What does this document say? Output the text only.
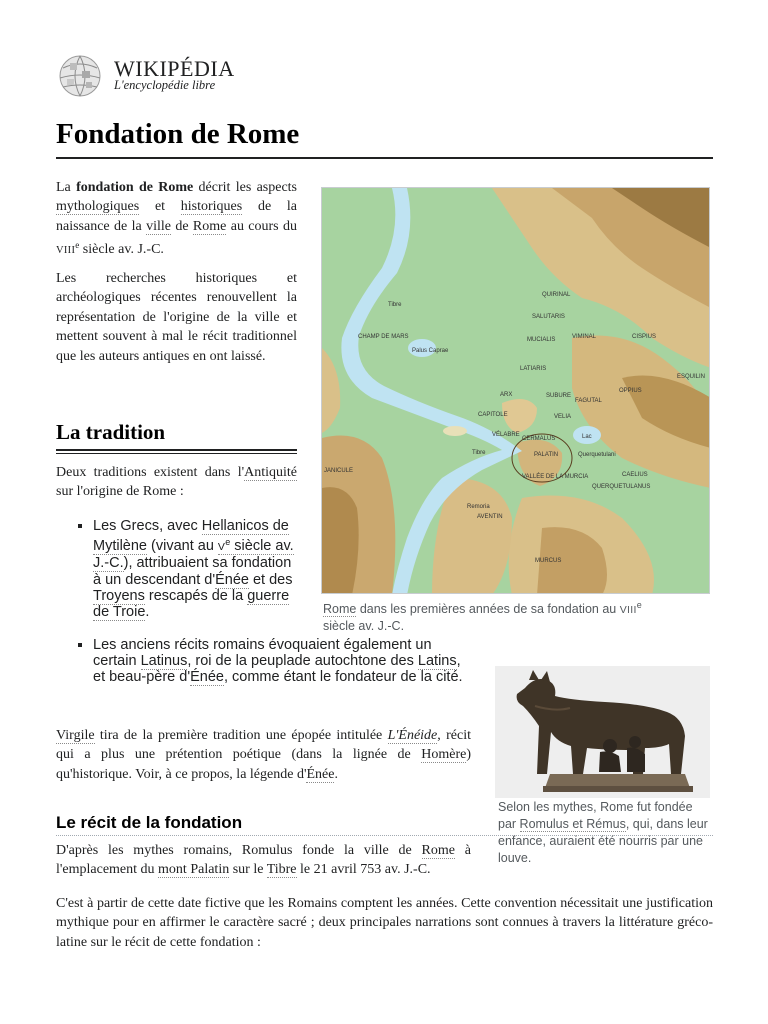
WIKIPÉDIA
L'encyclopédie libre
Fondation de Rome

La fondation de Rome décrit les aspects mythologiques et historiques de la naissance de la ville de Rome au cours du VIIIe siècle av. J.-C.

Les recherches historiques et archéologiques récentes renouvellent la représentation de l'origine de la ville et mettent souvent à mal le récit traditionnel que les auteurs antiques en ont laissé.

La tradition

Deux traditions existent dans l'Antiquité sur l'origine de Rome :

Les Grecs, avec Hellanicos de Mytilène (vivant au Ve siècle av. J.-C.), attribuaient sa fondation à un descendant d'Énée et des Troyens rescapés de la guerre de Troie.
Les anciens récits romains évoquaient également un certain Latinus, roi de la peuplade autochtone des Latins, et beau-père d'Énée, comme étant le fondateur de la cité.

Virgile tira de la première tradition une épopée intitulée L'Énéide, récit qui a plus une prétention poétique (dans la lignée de Homère) qu'historique. Voir, à ce propos, la légende d'Énée.

Le récit de la fondation

D'après les mythes romains, Romulus fonde la ville de Rome à l'emplacement du mont Palatin sur le Tibre le 21 avril 753 av. J.-C.

C'est à partir de cette date fictive que les Romains comptent les années. Cette convention nécessitait une justification mythique pour en affirmer le caractère sacré ; deux principales narrations sont connues à travers la littérature gréco-latine sur le récit de cette fondation :

Tibre
Tibre
CHAMP DE MARS
Palus Caprae
QUIRINAL
SALUTARIS
MUCIALIS
LATIARIS
VIMINAL	CISPIUS
ESQUILIN
OPPIUS
ARX
CAPITOLE
SUBURE
FAGUTAL
VELIA
Lac
VÉLABRE
CERMALUS
PALATIN
VALLÉE DE LA MURCIA
Querquetulani
CAELIUS
QUERQUETULANUS
JANICULE
AVENTIN
Remoria
MURCUS
Rome dans les premières années de sa fondation au VIIIe siècle av. J.-C.
Selon les mythes, Rome fut fondée par Romulus et Rémus, qui, dans leur enfance, auraient été nourris par une louve.
